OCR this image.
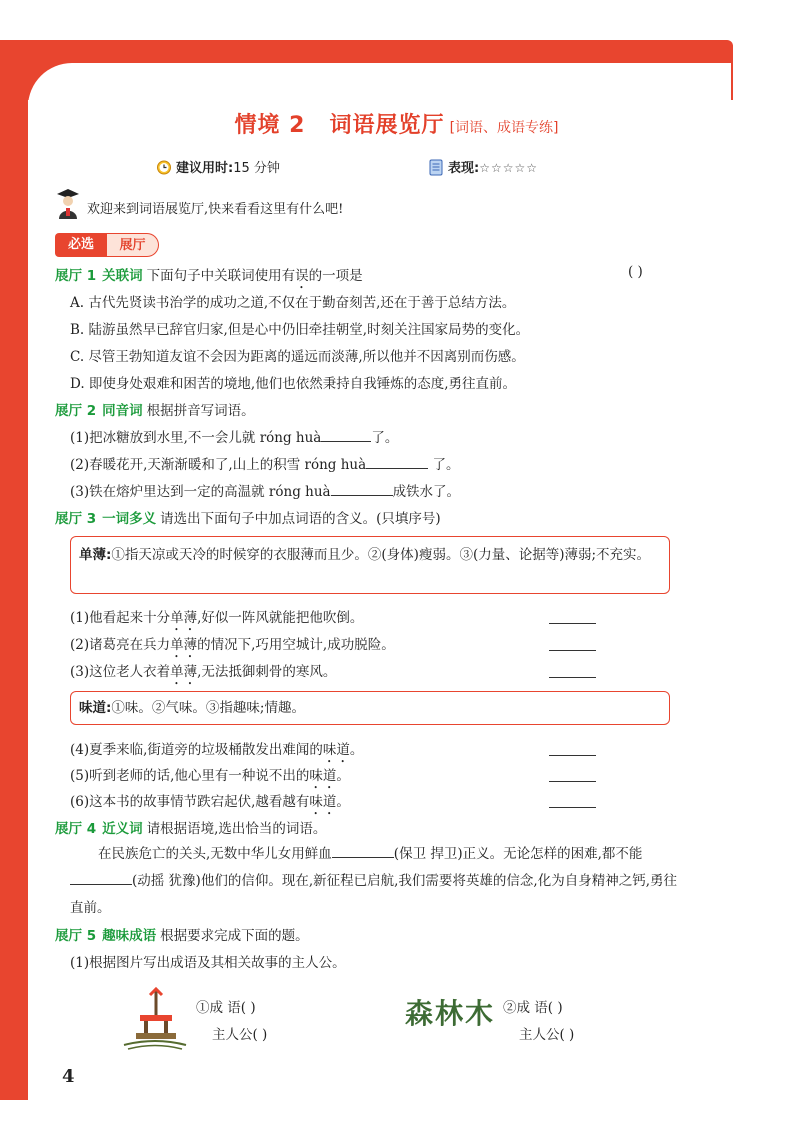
情境 2 词语展览厅 [词语、成语专练]
建议用时:15 分钟	表现:☆☆☆☆☆
欢迎来到词语展览厅,快来看看这里有什么吧!
必选	展厅
展厅 1 关联词 下面句子中关联词使用有误的一项是	( )
A. 古代先贤读书治学的成功之道,不仅在于勤奋刻苦,还在于善于总结方法。
B. 陆游虽然早已辞官归家,但是心中仍旧牵挂朝堂,时刻关注国家局势的变化。
C. 尽管王勃知道友谊不会因为距离的遥远而淡薄,所以他并不因离别而伤感。
D. 即使身处艰难和困苦的境地,他们也依然秉持自我锤炼的态度,勇往直前。
展厅 2 同音词 根据拼音写词语。
(1)把冰糖放到水里,不一会儿就 róng huà	了。
(2)春暖花开,天渐渐暖和了,山上的积雪 róng huà	了。
(3)铁在熔炉里达到一定的高温就 róng huà	成铁水了。
展厅 3 一词多义 请选出下面句子中加点词语的含义。(只填序号)
单薄:①指天凉或天冷的时候穿的衣服薄而且少。②(身体)瘦弱。③(力量、论据等)薄弱;不充实。
(1)他看起来十分单薄,好似一阵风就能把他吹倒。
(2)诸葛亮在兵力单薄的情况下,巧用空城计,成功脱险。
(3)这位老人衣着单薄,无法抵御刺骨的寒风。
味道:①味。②气味。③指趣味;情趣。
(4)夏季来临,街道旁的垃圾桶散发出难闻的味道。
(5)听到老师的话,他心里有一种说不出的味道。
(6)这本书的故事情节跌宕起伏,越看越有味道。
展厅 4 近义词 请根据语境,选出恰当的词语。
在民族危亡的关头,无数中华儿女用鲜血	(保卫 捍卫)正义。无论怎样的困难,都不能(动摇 犹豫)他们的信仰。现在,新征程已启航,我们需要将英雄的信念,化为自身精神之钙,勇往直前。
展厅 5 趣味成语 根据要求完成下面的题。
(1)根据图片写出成语及其相关故事的主人公。
①成 语( )
主人公( )
森林木 ②成 语( )
主人公( )
4
